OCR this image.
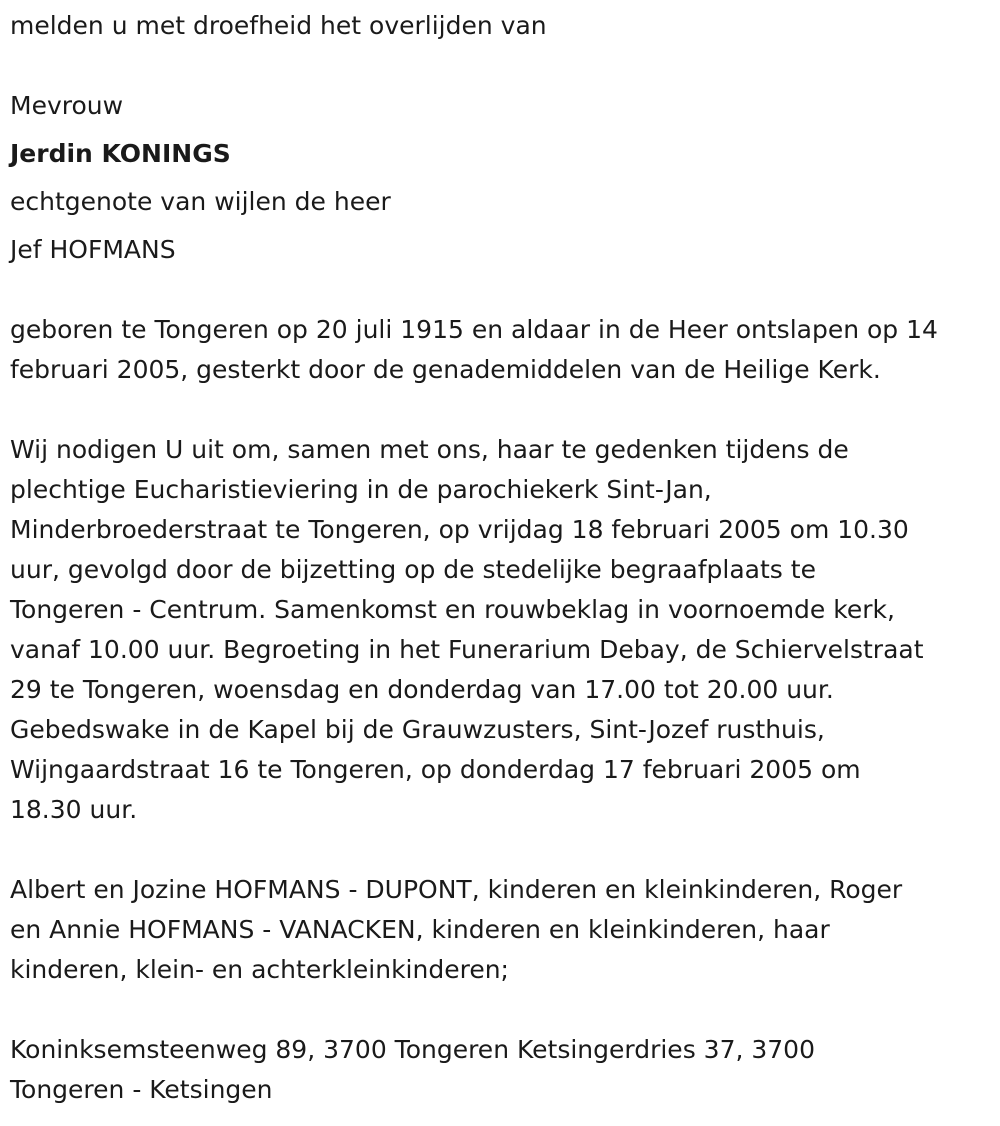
melden u met droefheid het overlijden van

Mevrouw

Jerdin KONINGS

echtgenote van wijlen de heer

Jef HOFMANS

geboren te Tongeren op 20 juli 1915 en aldaar in de Heer ontslapen op 14
februari 2005, gesterkt door de genademiddelen van de Heilige Kerk.
Wij nodigen U uit om, samen met ons, haar te gedenken tijdens de
plechtige Eucharistieviering in de parochiekerk Sint-Jan,
Minderbroederstraat te Tongeren, op vrijdag 18 februari 2005 om 10.30
uur, gevolgd door de bijzetting op de stedelijke begraafplaats te
Tongeren - Centrum. Samenkomst en rouwbeklag in voornoemde kerk,
vanaf 10.00 uur. Begroeting in het Funerarium Debay, de Schiervelstraat
29 te Tongeren, woensdag en donderdag van 17.00 tot 20.00 uur.
Gebedswake in de Kapel bij de Grauwzusters, Sint-Jozef rusthuis,
Wijngaardstraat 16 te Tongeren, op donderdag 17 februari 2005 om
18.30 uur.
Albert en Jozine HOFMANS - DUPONT, kinderen en kleinkinderen, Roger
en Annie HOFMANS - VANACKEN, kinderen en kleinkinderen, haar
kinderen, klein- en achterkleinkinderen;
Koninksemsteenweg 89, 3700 Tongeren Ketsingerdries 37, 3700
Tongeren - Ketsingen
